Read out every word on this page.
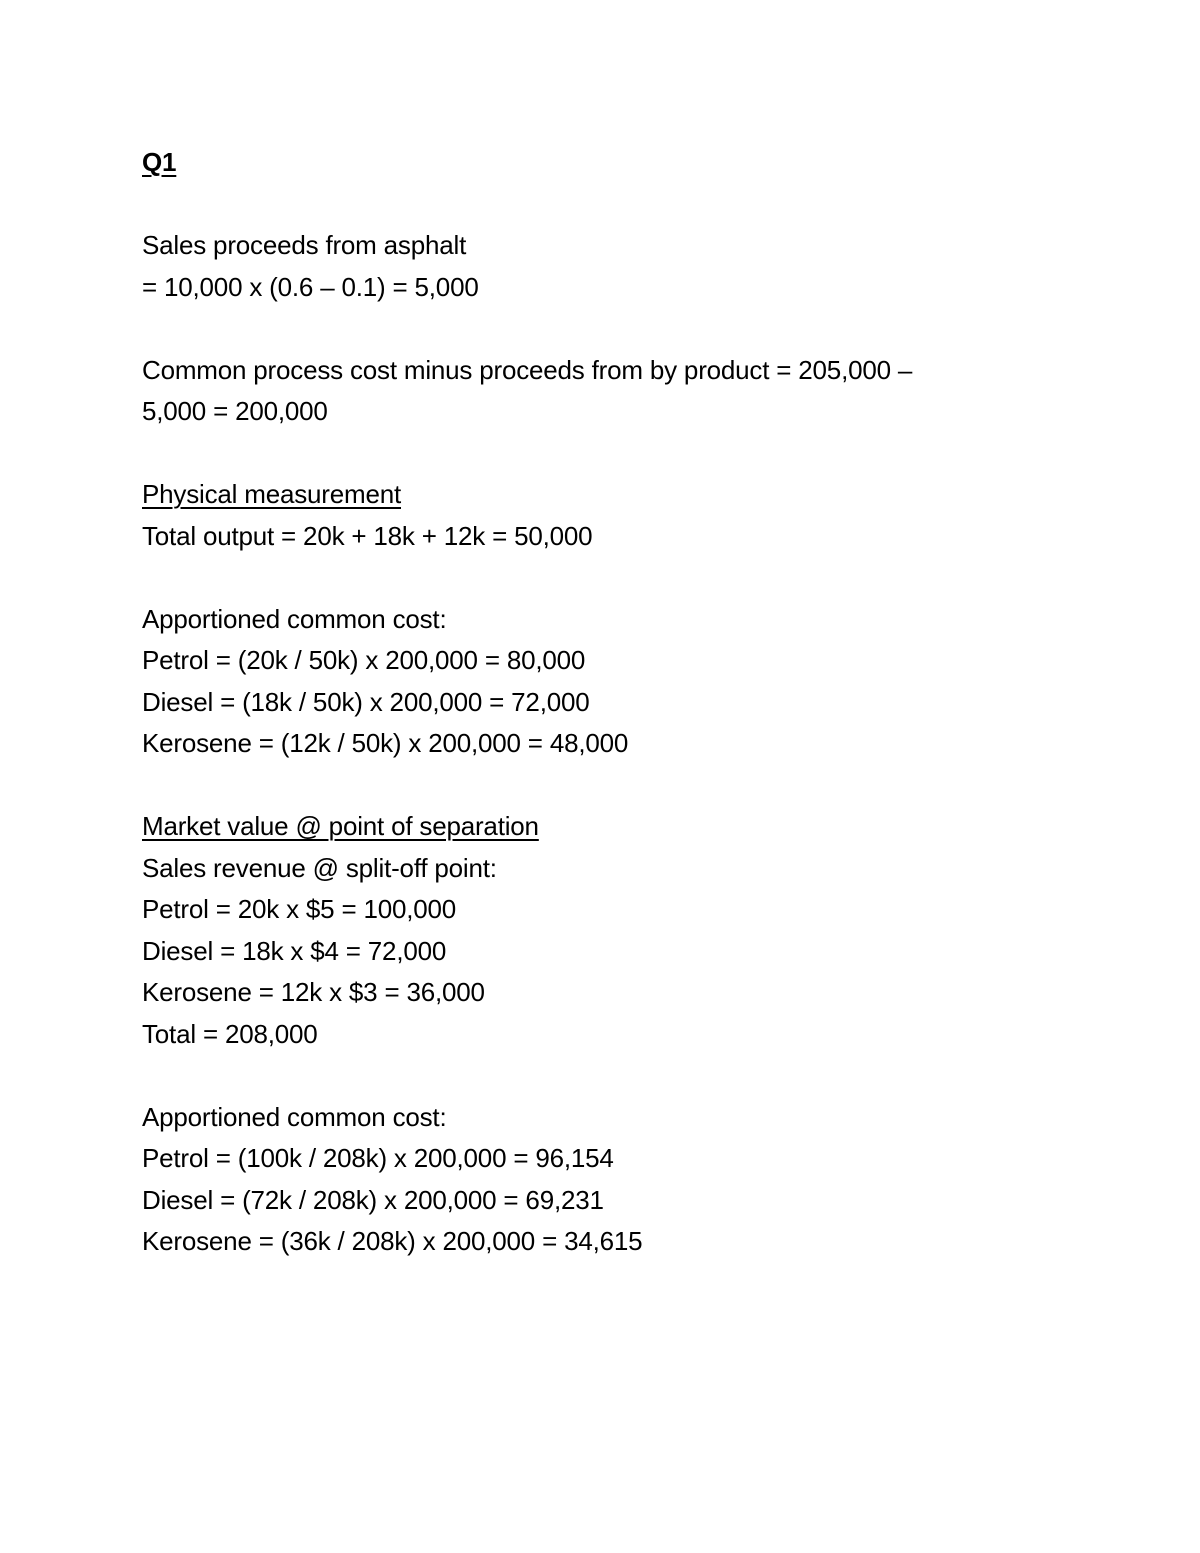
Q1
Sales proceeds from asphalt
= 10,000 x (0.6 – 0.1) = 5,000
Common process cost minus proceeds from by product = 205,000 –
5,000 = 200,000
Physical measurement
Total output = 20k + 18k + 12k = 50,000
Apportioned common cost:
Petrol = (20k / 50k) x 200,000 = 80,000
Diesel = (18k / 50k) x 200,000 = 72,000
Kerosene = (12k / 50k) x 200,000 = 48,000
Market value @ point of separation
Sales revenue @ split-off point:
Petrol = 20k x $5 = 100,000
Diesel = 18k x $4 = 72,000
Kerosene = 12k x $3 = 36,000
Total = 208,000
Apportioned common cost:
Petrol = (100k / 208k) x 200,000 = 96,154
Diesel = (72k / 208k) x 200,000 = 69,231
Kerosene = (36k / 208k) x 200,000 = 34,615
